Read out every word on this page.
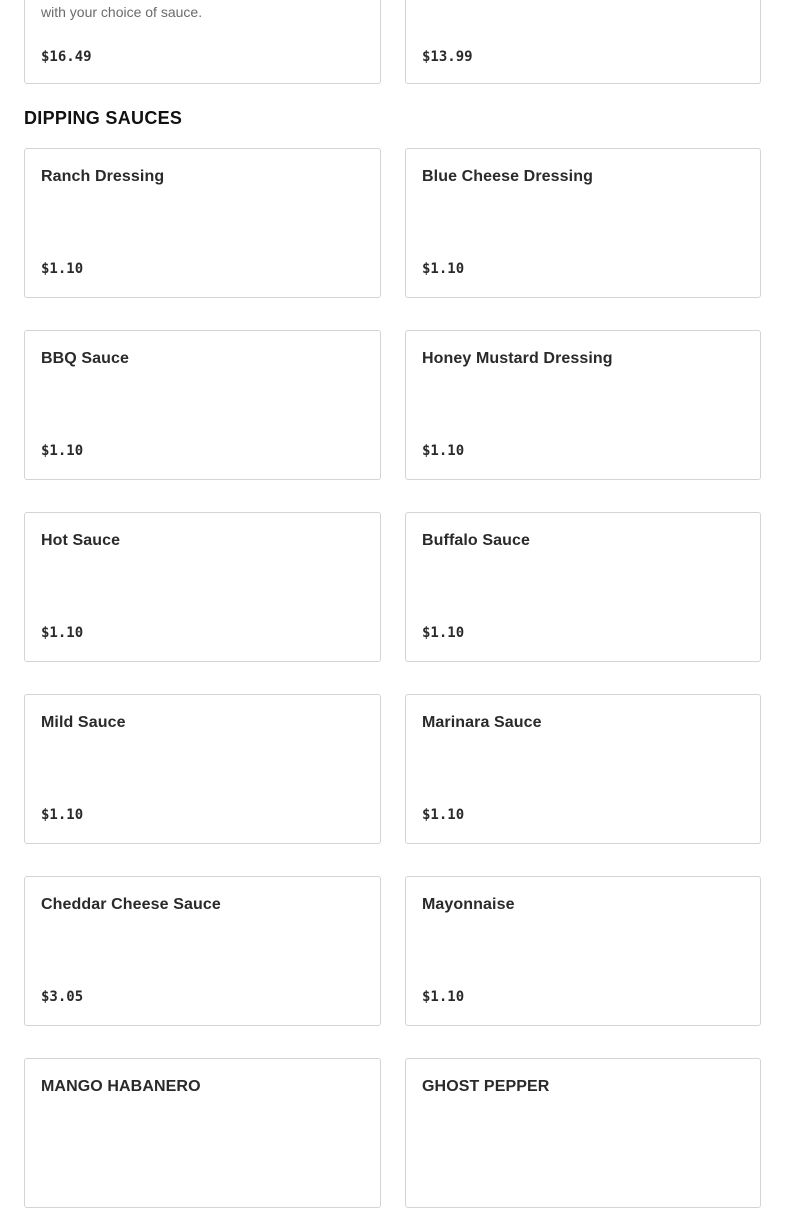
with your choice of sauce.
$16.49	$13.99
DIPPING SAUCES
Ranch Dressing
$1.10
Blue Cheese Dressing
$1.10
BBQ Sauce
$1.10
Honey Mustard Dressing
$1.10
Hot Sauce
$1.10
Buffalo Sauce
$1.10
Mild Sauce
$1.10
Marinara Sauce
$1.10
Cheddar Cheese Sauce
$3.05
Mayonnaise
$1.10
MANGO HABANERO	GHOST PEPPER
